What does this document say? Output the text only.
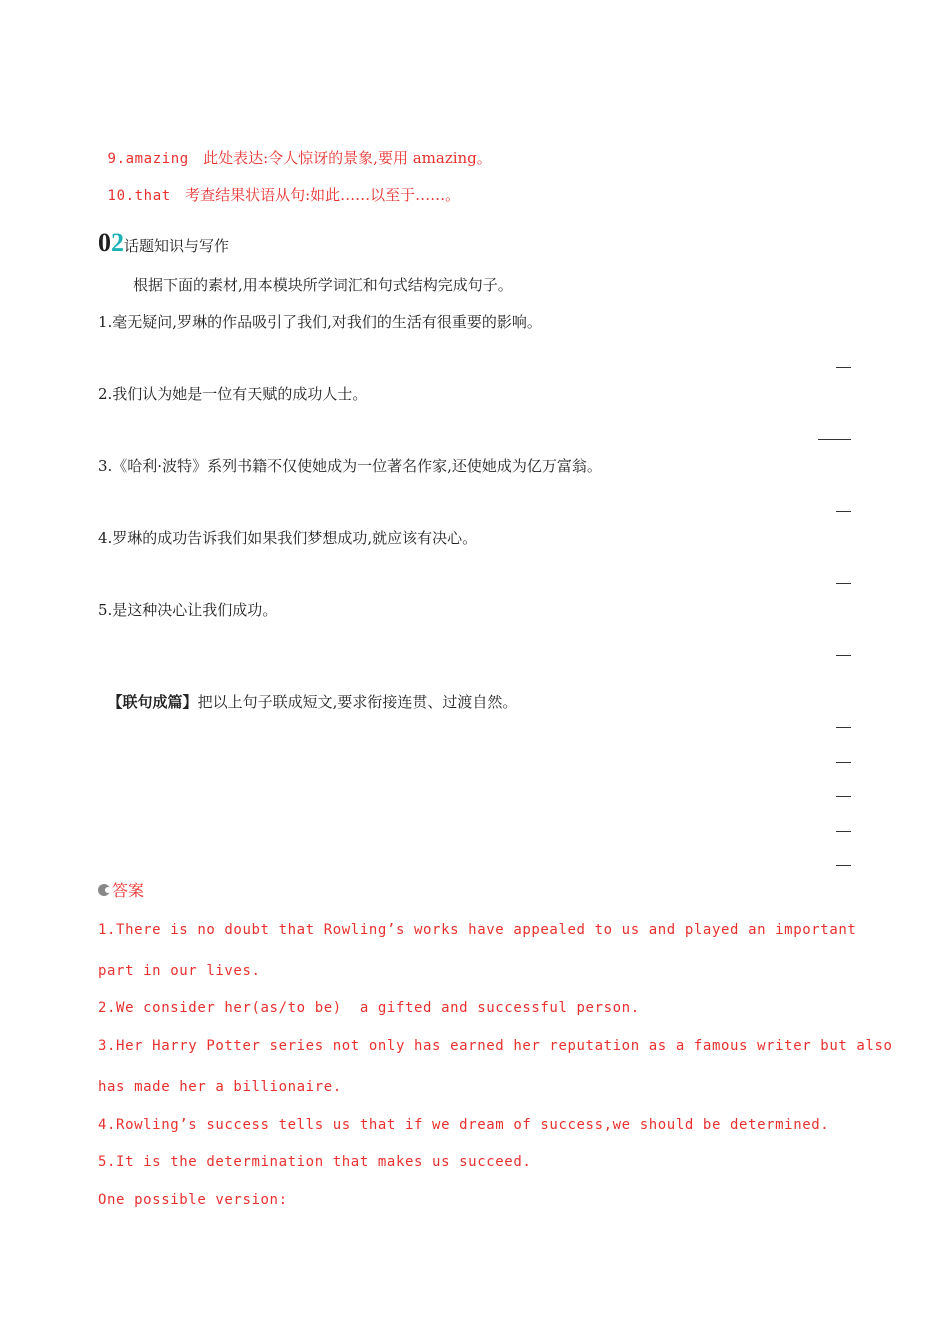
9.amazing 此处表达:令人惊讶的景象,要用 amazing。

10.that 考查结果状语从句:如此……以至于……。

02话题知识与写作
根据下面的素材,用本模块所学词汇和句式结构完成句子。
1.毫无疑问,罗琳的作品吸引了我们,对我们的生活有很重要的影响。
2.我们认为她是一位有天赋的成功人士。
3.《哈利·波特》系列书籍不仅使她成为一位著名作家,还使她成为亿万富翁。
4.罗琳的成功告诉我们如果我们梦想成功,就应该有决心。
5.是这种决心让我们成功。

【联句成篇】把以上句子联成短文,要求衔接连贯、过渡自然。

答案
1.There is no doubt that Rowling’s works have appealed to us and played an important
part in our lives.
2.We consider her(as/to be)  a gifted and successful person.
3.Her Harry Potter series not only has earned her reputation as a famous writer but also
has made her a billionaire.
4.Rowling’s success tells us that if we dream of success,we should be determined.
5.It is the determination that makes us succeed.
One possible version:
